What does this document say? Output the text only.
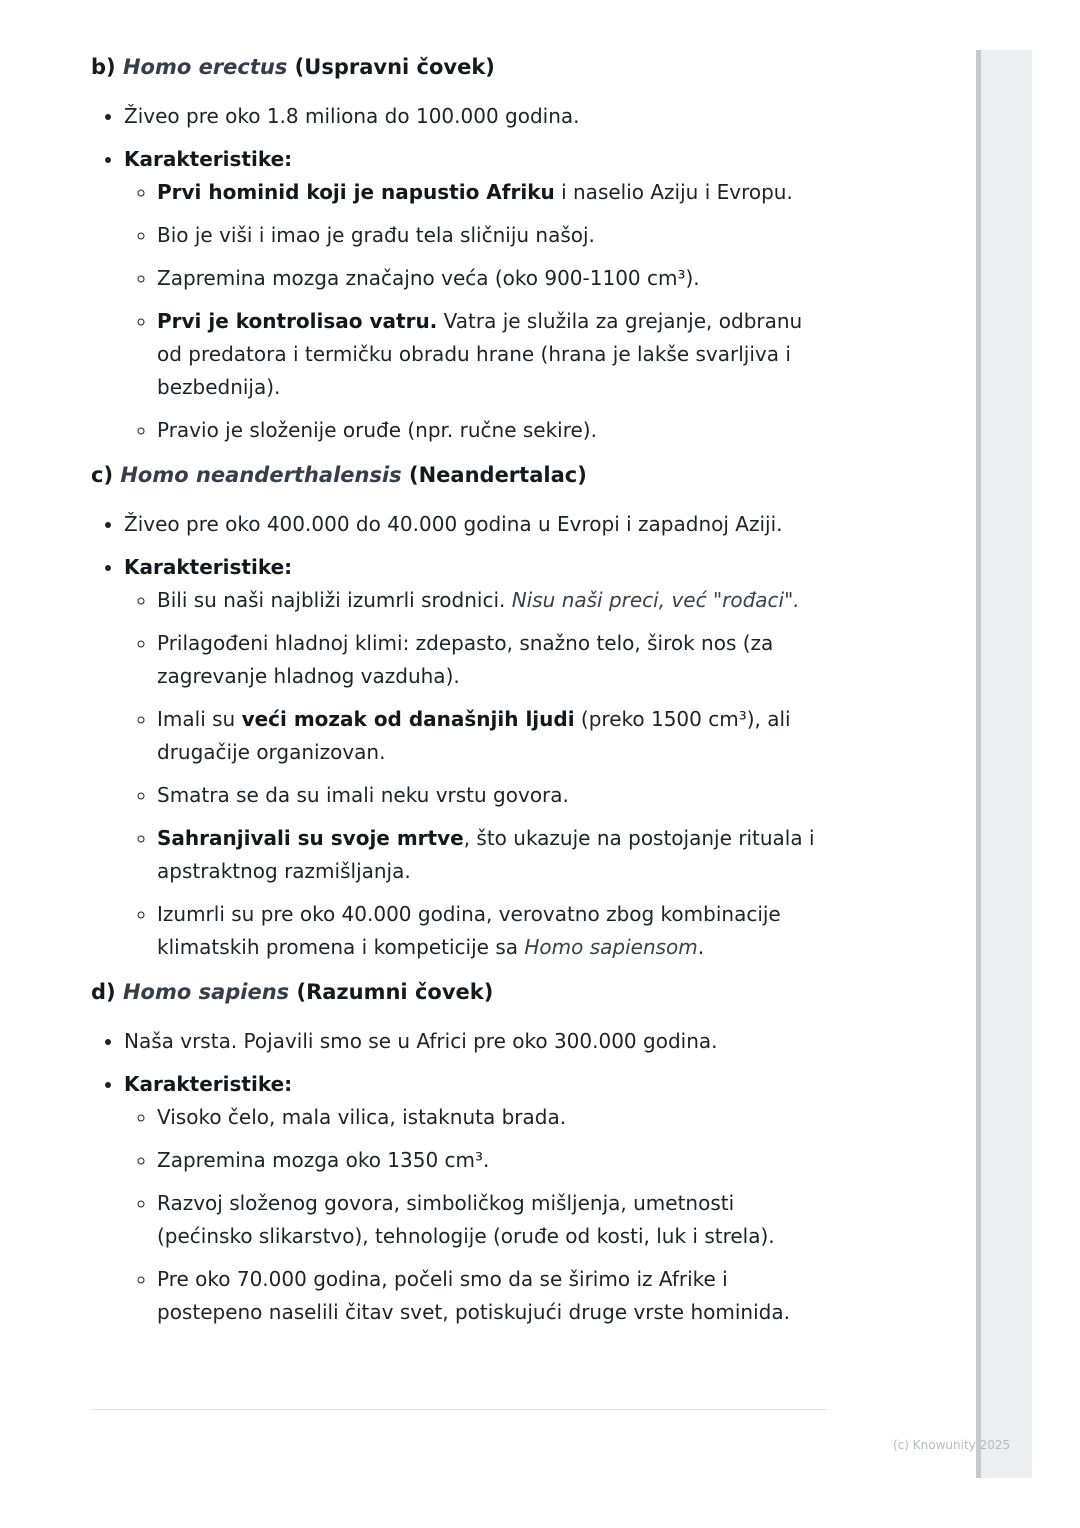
b) Homo erectus (Uspravni čovek)
• Živeo pre oko 1.8 miliona do 100.000 godina.
• Karakteristike:
◦ Prvi hominid koji je napustio Afriku i naselio Aziju i Evropu.
◦ Bio je viši i imao je građu tela sličniju našoj.
◦ Zapremina mozga značajno veća (oko 900-1100 cm³).
◦ Prvi je kontrolisao vatru. Vatra je služila za grejanje, odbranu od predatora i termičku obradu hrane (hrana je lakše svarljiva i bezbednija).
◦ Pravio je složenije oruđe (npr. ručne sekire).
c) Homo neanderthalensis (Neandertalac)
• Živeo pre oko 400.000 do 40.000 godina u Evropi i zapadnoj Aziji.
• Karakteristike:
◦ Bili su naši najbliži izumrli srodnici. Nisu naši preci, već "rođaci".
◦ Prilagođeni hladnoj klimi: zdepasto, snažno telo, širok nos (za zagrevanje hladnog vazduha).
◦ Imali su veći mozak od današnjih ljudi (preko 1500 cm³), ali drugačije organizovan.
◦ Smatra se da su imali neku vrstu govora.
◦ Sahranjivali su svoje mrtve, što ukazuje na postojanje rituala i apstraktnog razmišljanja.
◦ Izumrli su pre oko 40.000 godina, verovatno zbog kombinacije klimatskih promena i kompeticije sa Homo sapiensom.
d) Homo sapiens (Razumni čovek)
• Naša vrsta. Pojavili smo se u Africi pre oko 300.000 godina.
• Karakteristike:
◦ Visoko čelo, mala vilica, istaknuta brada.
◦ Zapremina mozga oko 1350 cm³.
◦ Razvoj složenog govora, simboličkog mišljenja, umetnosti (pećinsko slikarstvo), tehnologije (oruđe od kosti, luk i strela).
◦ Pre oko 70.000 godina, počeli smo da se širimo iz Afrike i postepeno naselili čitav svet, potiskujući druge vrste hominida.
(c) Knowunity 2025
